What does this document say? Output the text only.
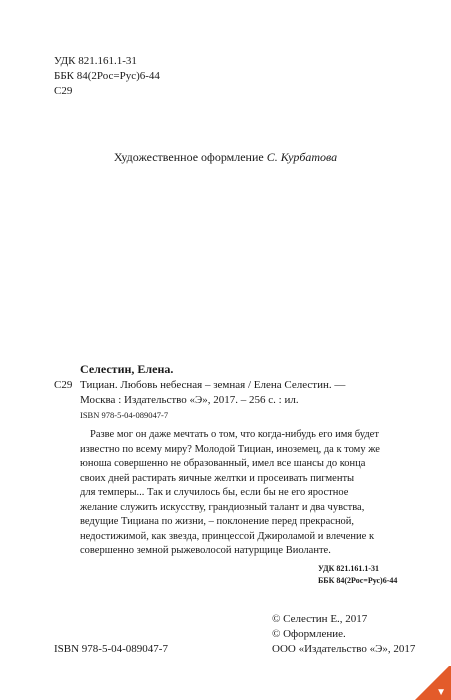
УДК 821.161.1-31
ББК 84(2Рос=Рус)6-44
С29
Художественное оформление С. Курбатова
Селестин, Елена.
С29 Тициан. Любовь небесная – земная / Елена Селестин. —
Москва : Издательство «Э», 2017. – 256 с. : ил.
ISBN 978-5-04-089047-7
Разве мог он даже мечтать о том, что когда-нибудь его имя будет
известно по всему миру? Молодой Тициан, иноземец, да к тому же
юноша совершенно не образованный, имел все шансы до конца
своих дней растирать яичные желтки и просеивать пигменты
для темперы... Так и случилось бы, если бы не его яростное
желание служить искусству, грандиозный талант и два чувства,
ведущие Тициана по жизни, – поклонение перед прекрасной,
недостижимой, как звезда, принцессой Джироламой и влечение к
совершенно земной рыжеволосой натурщице Виоланте.
УДК 821.161.1-31
ББК 84(2Рос=Рус)6-44
© Селестин Е., 2017
© Оформление.
ISBN 978-5-04-089047-7	ООО «Издательство «Э», 2017
▼
